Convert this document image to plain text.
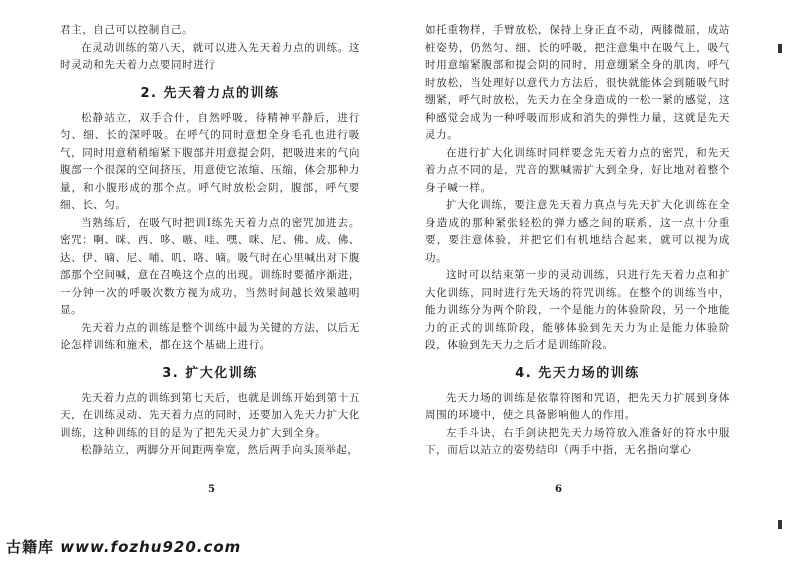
君主，自己可以控制自己。

在灵动训练的第八天，就可以进入先天着力点的训练。这时灵动和先天着力点要同时进行

2. 先天着力点的训练

松静站立，双手合什，自然呼吸，待精神平静后，进行匀、细、长的深呼吸。在呼气的同时意想全身毛孔也进行吸气，同时用意稍稍缩紧下腹部并用意提会阴，把吸进来的气向腹部一个很深的空间挤压，用意使它浓缩、压缩，体会那种力量，和小腹形成的那个点。呼气时放松会阴，腹部，呼气要细、长、匀。

当熟练后，在吸气时把训Ⅰ练先天着力点的密咒加进去。密咒：啊、咪、西、哆、嗾、哇、嘿、咪、尼、佛、成、佛、达、伊、嘀、尼、哺、叽、咯、嘀。吸气时在心里喊出对下腹部那个空间喊，意在召唤这个点的出现。训练时要循序渐进，一分钟一次的呼吸次数方视为成功，当然时间越长效果越明显。

先天着力点的训练是整个训练中最为关键的方法，以后无论怎样训练和施术，都在这个基础上进行。

3. 扩大化训练

先天着力点的训练到第七天后，也就是训练开始到第十五天，在训练灵动、先天着力点的同时，还要加入先天力扩大化训练，这种训练的目的是为了把先天灵力扩大到全身。

松静站立，两脚分开间距两拳宽，然后两手向头顶举起，

5

如托重物样，手臂放松，保持上身正直不动，两膝微屈，成站桩姿势，仍然匀、细、长的呼吸，把注意集中在吸气上，吸气时用意缩紧腹部和提会阴的同时，用意绷紧全身的肌肉，呼气时放松，当处理好以意代力方法后，很快就能体会到随吸气时绷紧，呼气时放松，先天力在全身造成的一松一紧的感觉，这种感觉会成为一种呼吸而形成和消失的弹性力量，这就是先天灵力。

在进行扩大化训练时同样要念先天着力点的密咒，和先天着力点不同的是，咒音的默喊需扩大到全身，好比地对着整个身子喊一样。

扩大化训练，要注意先天着力真点与先天扩大化训练在全身造成的那种紧张轻松的弹力感之间的联系，这一点十分重要，要注意体验，并把它们有机地结合起来，就可以视为成功。

这时可以结束第一步的灵动训练，只进行先天着力点和扩大化训练，同时进行先天场的符咒训练。在整个的训练当中，能力训练分为两个阶段，一个是能力的体验阶段，另一个地能力的正式的训练阶段，能够体验到先天力为止是能力体验阶段，体验到先天力之后才是训练阶段。

4. 先天力场的训练

先天力场的训练是依靠符图和咒语，把先天力扩展到身体周围的环境中，使之具备影响他人的作用。

左手斗诀，右手剑诀把先天力场符放入准备好的符水中服下，而后以站立的姿势结印（两手中指，无名指向掌心

6
古籍库 www.fozhu920.com
